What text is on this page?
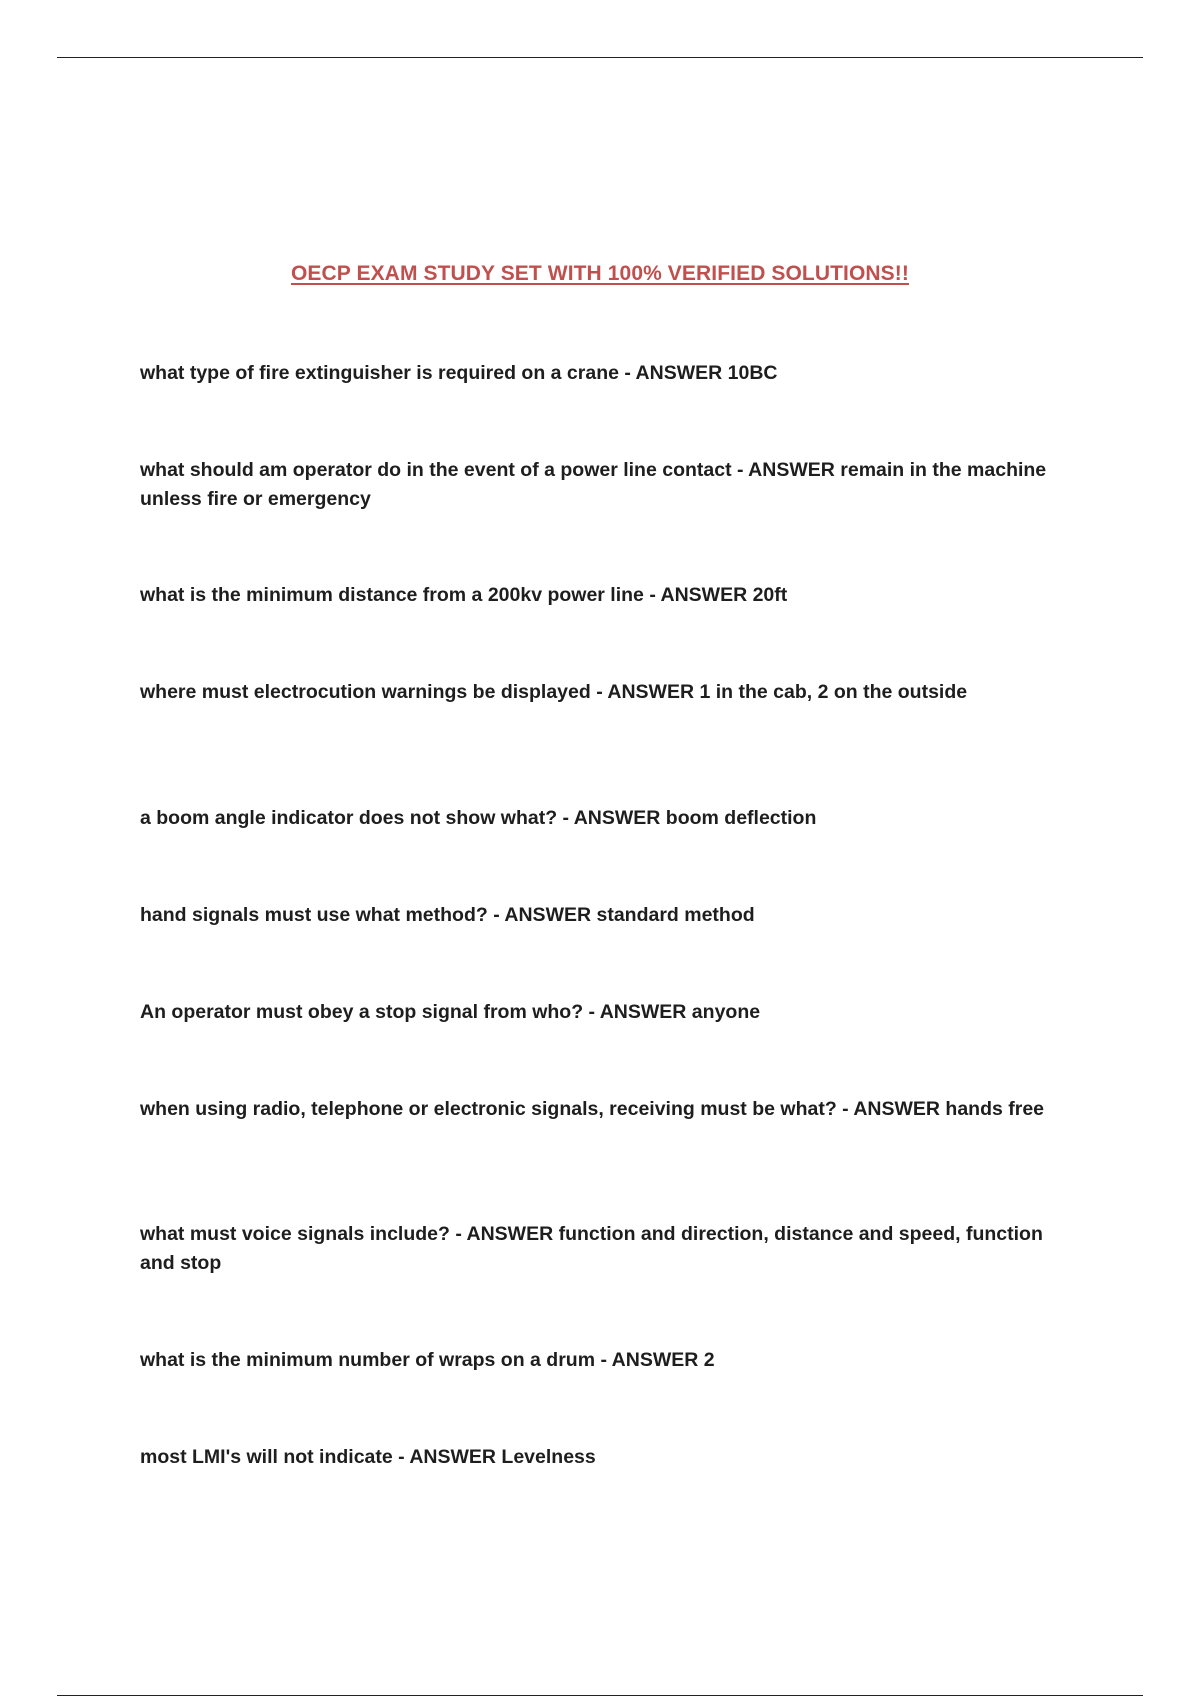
OECP EXAM STUDY SET WITH 100% VERIFIED SOLUTIONS!!
what type of fire extinguisher is required on a crane - ANSWER 10BC
what should am operator do in the event of a power line contact - ANSWER remain in the machine unless fire or emergency
what is the minimum distance from a 200kv power line - ANSWER 20ft
where must electrocution warnings be displayed - ANSWER 1 in the cab, 2 on the outside
a boom angle indicator does not show what? - ANSWER boom deflection
hand signals must use what method? - ANSWER standard method
An operator must obey a stop signal from who? - ANSWER anyone
when using radio, telephone or electronic signals, receiving must be what? - ANSWER hands free
what must voice signals include? - ANSWER function and direction, distance and speed, function and stop
what is the minimum number of wraps on a drum - ANSWER 2
most LMI's will not indicate - ANSWER Levelness
